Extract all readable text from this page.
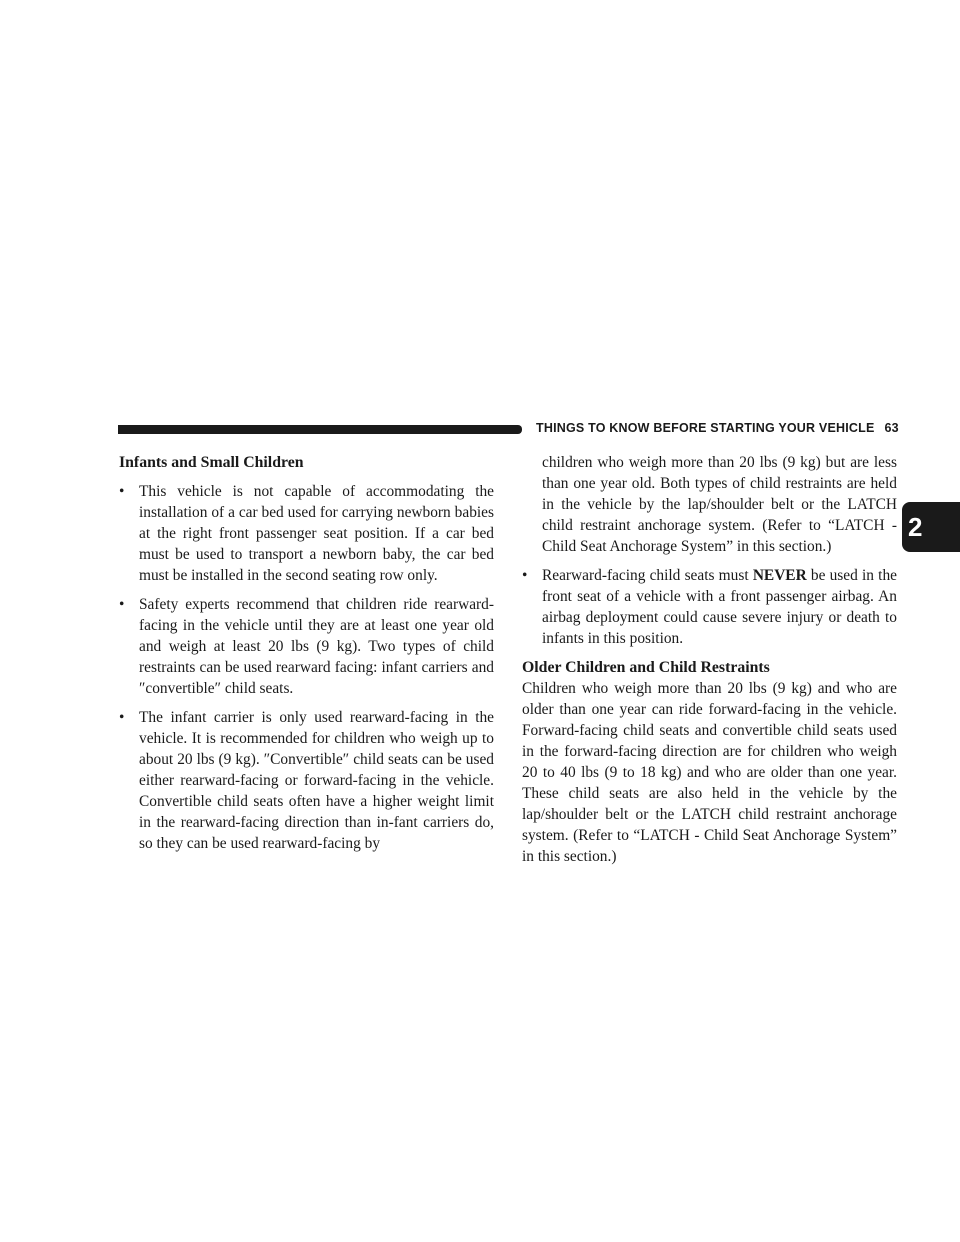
THINGS TO KNOW BEFORE STARTING YOUR VEHICLE 63
2
Infants and Small Children
• This vehicle is not capable of accommodating the installation of a car bed used for carrying newborn babies at the right front passenger seat position. If a car bed must be used to transport a newborn baby, the car bed must be installed in the second seating row only.

• Safety experts recommend that children ride rearward-facing in the vehicle until they are at least one year old and weigh at least 20 lbs (9 kg). Two types of child restraints can be used rearward facing: infant carriers and ″convertible″ child seats.

• The infant carrier is only used rearward-facing in the vehicle. It is recommended for children who weigh up to about 20 lbs (9 kg). ″Convertible″ child seats can be used either rearward-facing or forward-facing in the vehicle. Convertible child seats often have a higher weight limit in the rearward-facing direction than in-fant carriers do, so they can be used rearward-facing by

children who weigh more than 20 lbs (9 kg) but are less than one year old. Both types of child restraints are held in the vehicle by the lap/shoulder belt or the LATCH child restraint anchorage system. (Refer to “LATCH - Child Seat Anchorage System” in this section.)

• Rearward-facing child seats must NEVER be used in the front seat of a vehicle with a front passenger airbag. An airbag deployment could cause severe injury or death to infants in this position.

Older Children and Child Restraints

Children who weigh more than 20 lbs (9 kg) and who are older than one year can ride forward-facing in the vehicle. Forward-facing child seats and convertible child seats used in the forward-facing direction are for children who weigh 20 to 40 lbs (9 to 18 kg) and who are older than one year. These child seats are also held in the vehicle by the lap/shoulder belt or the LATCH child restraint anchorage system. (Refer to “LATCH - Child Seat Anchorage System” in this section.)
